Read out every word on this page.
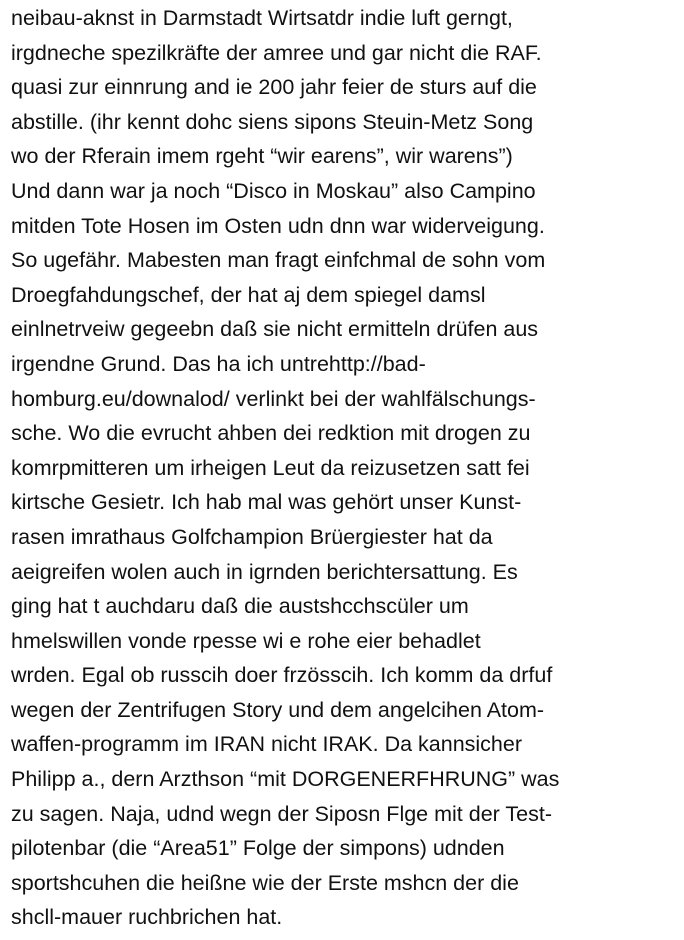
neibau-aknst in Darmstadt Wirtsatdr indie luft gerngt,
irgdneche spezilkräfte der amree und gar nicht die RAF.
quasi zur einnrung and ie 200 jahr feier de sturs auf die
abstille. (ihr kennt dohc siens sipons Steuin-Metz Song
wo der Rferain imem rgeht “wir earens”, wir warens”)
Und dann war ja noch “Disco in Moskau” also Campino
mitden Tote Hosen im Osten udn dnn war widerveigung.
So ugefähr. Mabesten man fragt einfchmal de sohn vom
Droegfahdungschef, der hat aj dem spiegel damsl
einlnetrveiw gegeebn daß sie nicht ermitteln drüfen aus
irgendne Grund. Das ha ich untrehttp://bad-
homburg.eu/downalod/ verlinkt bei der wahlfälschungs-
sche. Wo die evrucht ahben dei redktion mit drogen zu
komrpmitteren um irheigen Leut da reizusetzen satt fei
kirtsche Gesietr. Ich hab mal was gehört unser Kunst-
rasen imrathaus Golfchampion Brüergiester hat da
aeigreifen wolen auch in igrnden berichtersattung. Es
ging hat t auchdaru daß die austshcchscüler um
hmelswillen vonde rpesse wi e rohe eier behadlet
wrden. Egal ob russcih doer frzösscih. Ich komm da drfuf
wegen der Zentrifugen Story und dem angelcihen Atom-
waffen-programm im IRAN nicht IRAK. Da kannsicher
Philipp a., dern Arzthson “mit DORGENERFHRUNG” was
zu sagen. Naja, udnd wegn der Siposn Flge mit der Test-
pilotenbar (die “Area51” Folge der simpons) udnden
sportshcuhen die heißne wie der Erste mshcn der die
shcll-mauer ruchbrichen hat.
